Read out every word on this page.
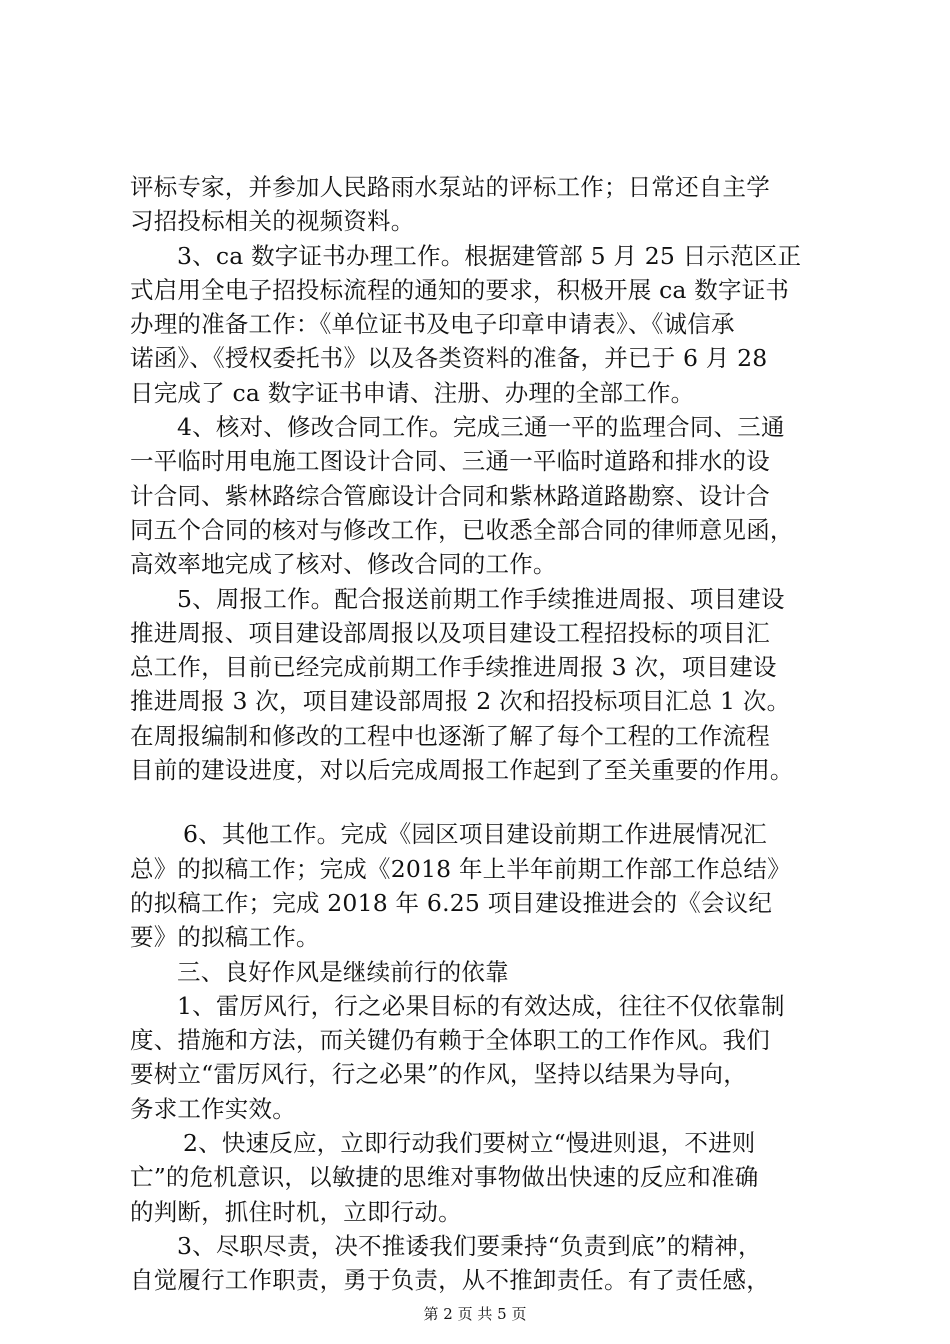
评标专家，并参加人民路雨水泵站的评标工作；日常还自主学
习招投标相关的视频资料。
3、ca 数字证书办理工作。根据建管部 5 月 25 日示范区正
式启用全电子招投标流程的通知的要求，积极开展 ca 数字证书
办理的准备工作：《单位证书及电子印章申请表》、《诚信承
诺函》、《授权委托书》以及各类资料的准备，并已于 6 月 28
日完成了 ca 数字证书申请、注册、办理的全部工作。
4、核对、修改合同工作。完成三通一平的监理合同、三通
一平临时用电施工图设计合同、三通一平临时道路和排水的设
计合同、紫林路综合管廊设计合同和紫林路道路勘察、设计合
同五个合同的核对与修改工作，已收悉全部合同的律师意见函，
高效率地完成了核对、修改合同的工作。
5、周报工作。配合报送前期工作手续推进周报、项目建设
推进周报、项目建设部周报以及项目建设工程招投标的项目汇
总工作，目前已经完成前期工作手续推进周报 3 次，项目建设
推进周报 3 次，项目建设部周报 2 次和招投标项目汇总 1 次。
在周报编制和修改的工程中也逐渐了解了每个工程的工作流程
目前的建设进度，对以后完成周报工作起到了至关重要的作用。
6、其他工作。完成《园区项目建设前期工作进展情况汇
总》的拟稿工作；完成《2018 年上半年前期工作部工作总结》
的拟稿工作；完成 2018 年 6.25 项目建设推进会的《会议纪
要》的拟稿工作。
三、良好作风是继续前行的依靠
1、雷厉风行，行之必果目标的有效达成，往往不仅依靠制
度、措施和方法，而关键仍有赖于全体职工的工作作风。我们
要树立“雷厉风行，行之必果”的作风，坚持以结果为导向，
务求工作实效。
2、快速反应，立即行动我们要树立“慢进则退，不进则
亡”的危机意识，以敏捷的思维对事物做出快速的反应和准确
的判断，抓住时机，立即行动。
3、尽职尽责，决不推诿我们要秉持“负责到底”的精神，
自觉履行工作职责，勇于负责，从不推卸责任。有了责任感，
第 2 页 共 5 页
